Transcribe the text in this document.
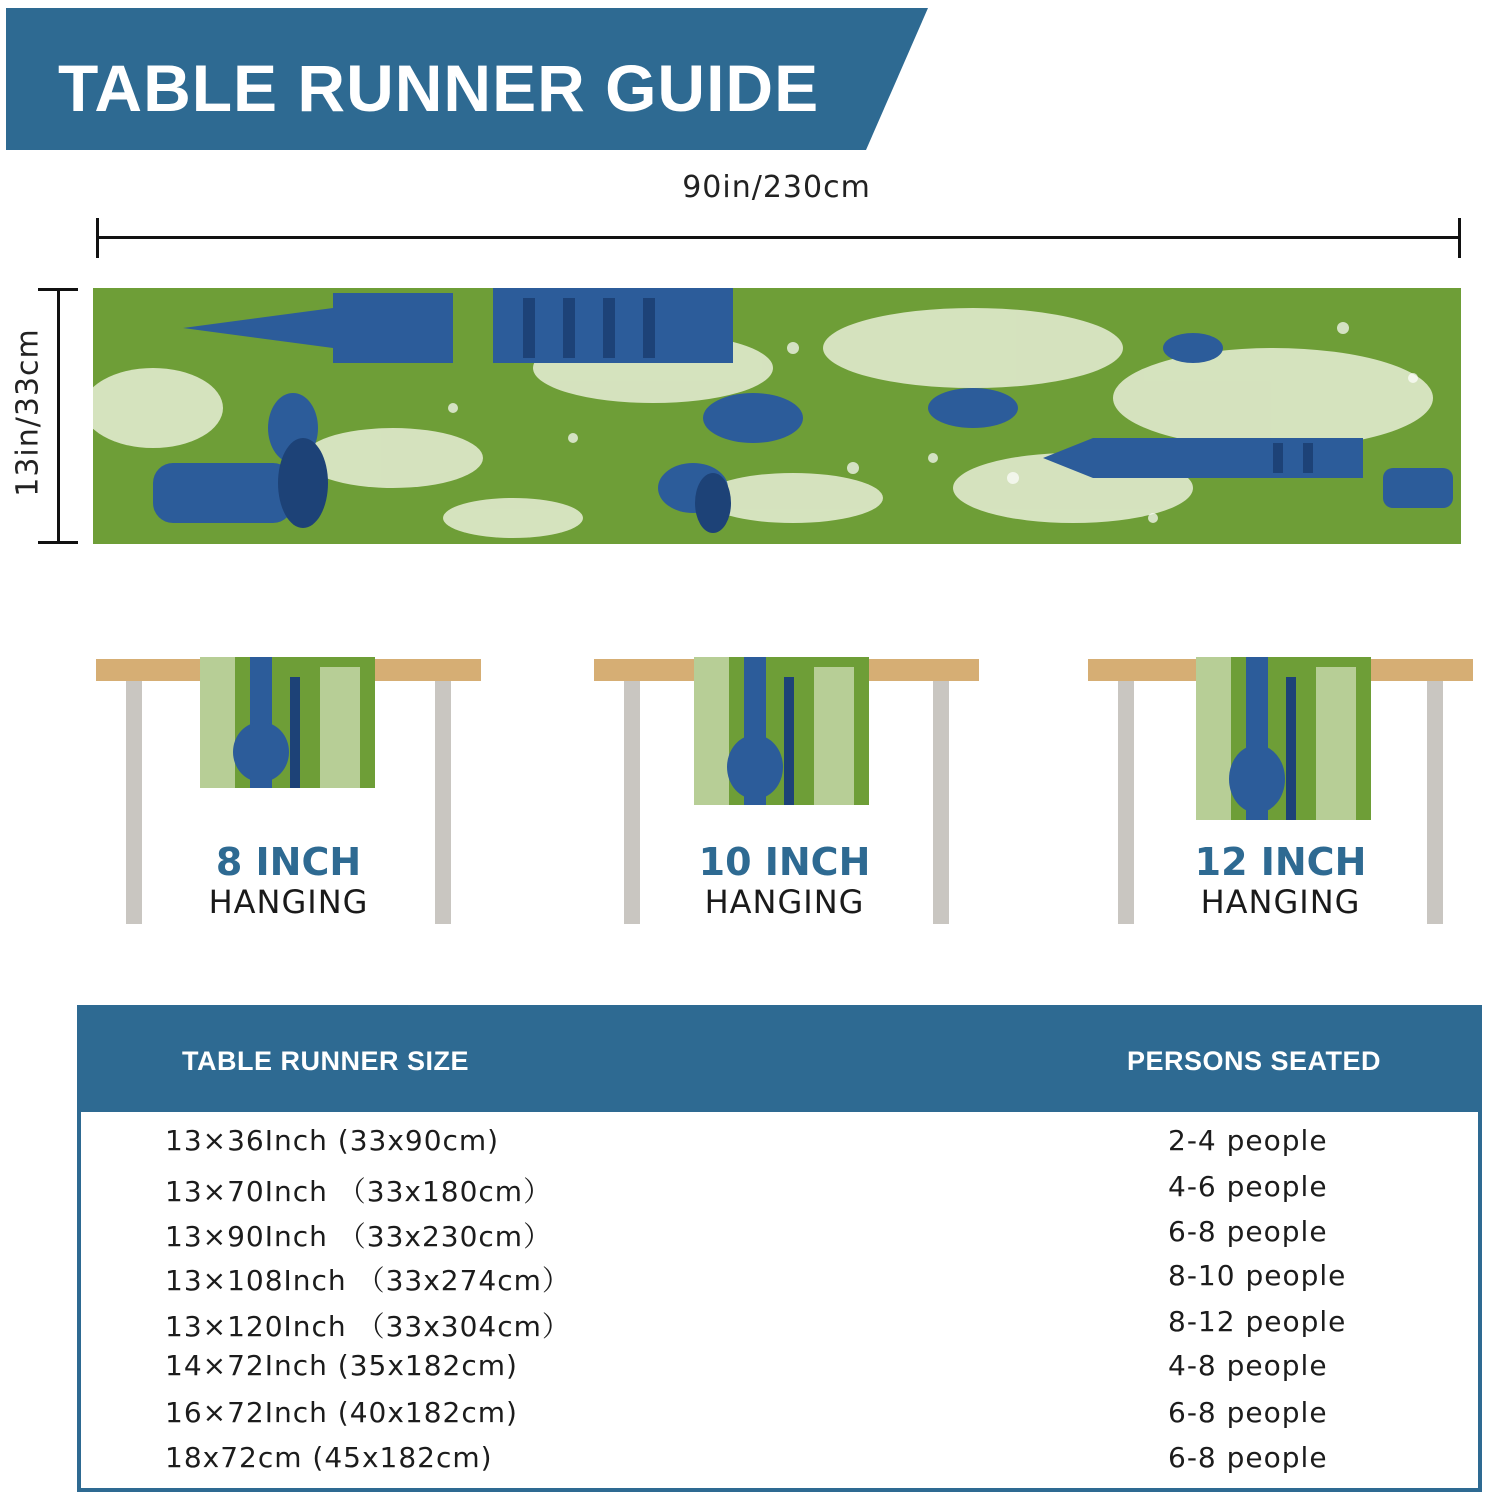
TABLE RUNNER GUIDE
90in/230cm
13in/33cm
8 INCH
HANGING
10 INCH
HANGING
12 INCH
HANGING
TABLE RUNNER SIZE	PERSONS SEATED
13×36Inch (33x90cm)	2-4 people
13×70Inch （33x180cm）	4-6 people
13×90Inch （33x230cm）	6-8 people
13×108Inch （33x274cm）	8-10 people
13×120Inch （33x304cm）	8-12 people
14×72Inch (35x182cm)	4-8 people
16×72Inch (40x182cm)	6-8 people
18x72cm (45x182cm)	6-8 people
